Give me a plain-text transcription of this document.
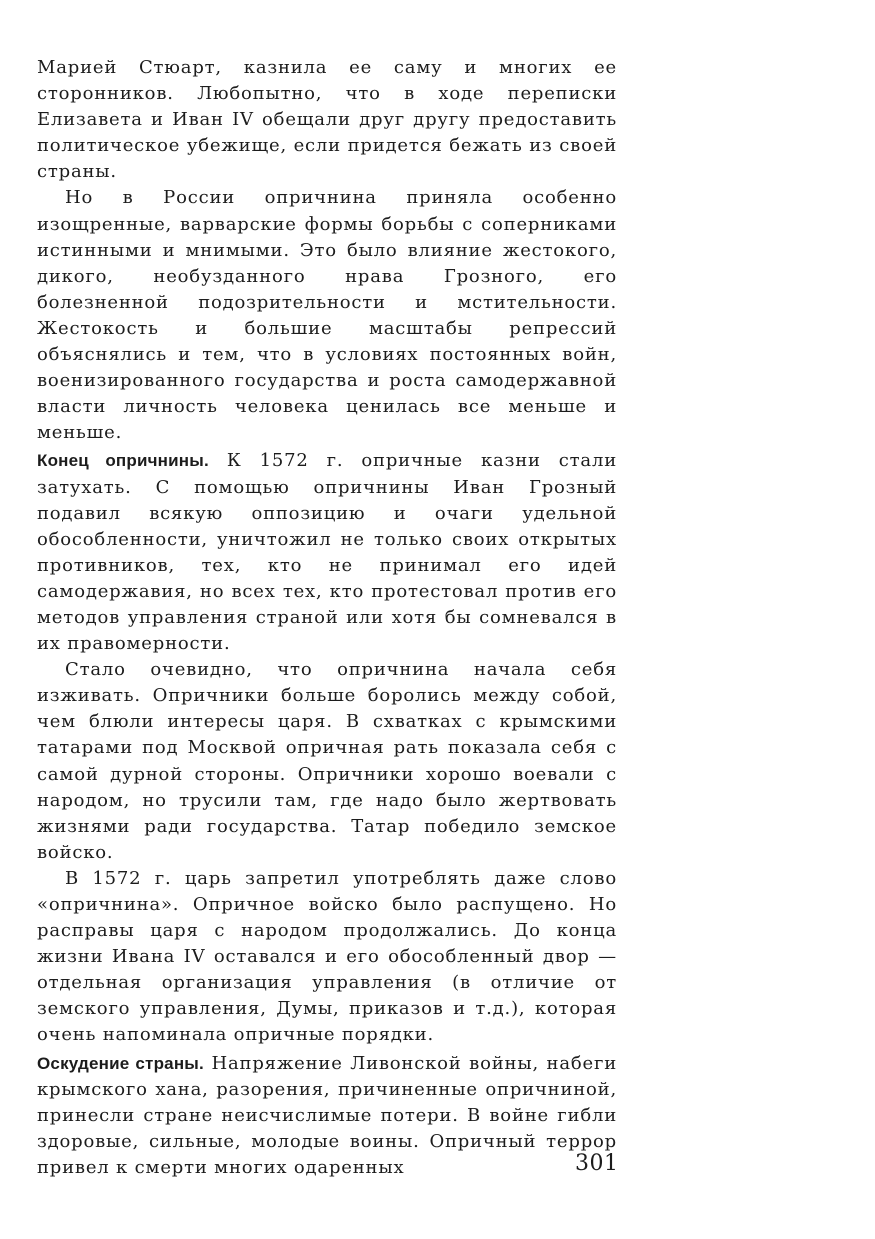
Марией Стюарт, казнила ее саму и многих ее сторонников. Любопытно, что в ходе переписки Елизавета и Иван IV обещали друг другу предоставить политическое убежище, если придется бежать из своей страны.

Но в России опричнина приняла особенно изощренные, варварские формы борьбы с соперниками истинными и мнимыми. Это было влияние жестокого, дикого, необузданного нрава Грозного, его болезненной подозрительности и мстительности. Жестокость и большие масштабы репрессий объяснялись и тем, что в условиях постоянных войн, военизированного государства и роста самодержавной власти личность человека ценилась все меньше и меньше.

Конец опричнины. К 1572 г. опричные казни стали затухать. С помощью опричнины Иван Грозный подавил всякую оппозицию и очаги удельной обособленности, уничтожил не только своих открытых противников, тех, кто не принимал его идей самодержавия, но всех тех, кто протестовал против его методов управления страной или хотя бы сомневался в их правомерности.

Стало очевидно, что опричнина начала себя изживать. Опричники больше боролись между собой, чем блюли интересы царя. В схватках с крымскими татарами под Москвой опричная рать показала себя с самой дурной стороны. Опричники хорошо воевали с народом, но трусили там, где надо было жертвовать жизнями ради государства. Татар победило земское войско.

В 1572 г. царь запретил употреблять даже слово «опричнина». Опричное войско было распущено. Но расправы царя с народом продолжались. До конца жизни Ивана IV оставался и его обособленный двор — отдельная организация управления (в отличие от земского управления, Думы, приказов и т.д.), которая очень напоминала опричные порядки.

Оскудение страны. Напряжение Ливонской войны, набеги крымского хана, разорения, причиненные опричниной, принесли стране неисчислимые потери. В войне гибли здоровые, сильные, молодые воины. Опричный террор привел к смерти многих одаренных	301
